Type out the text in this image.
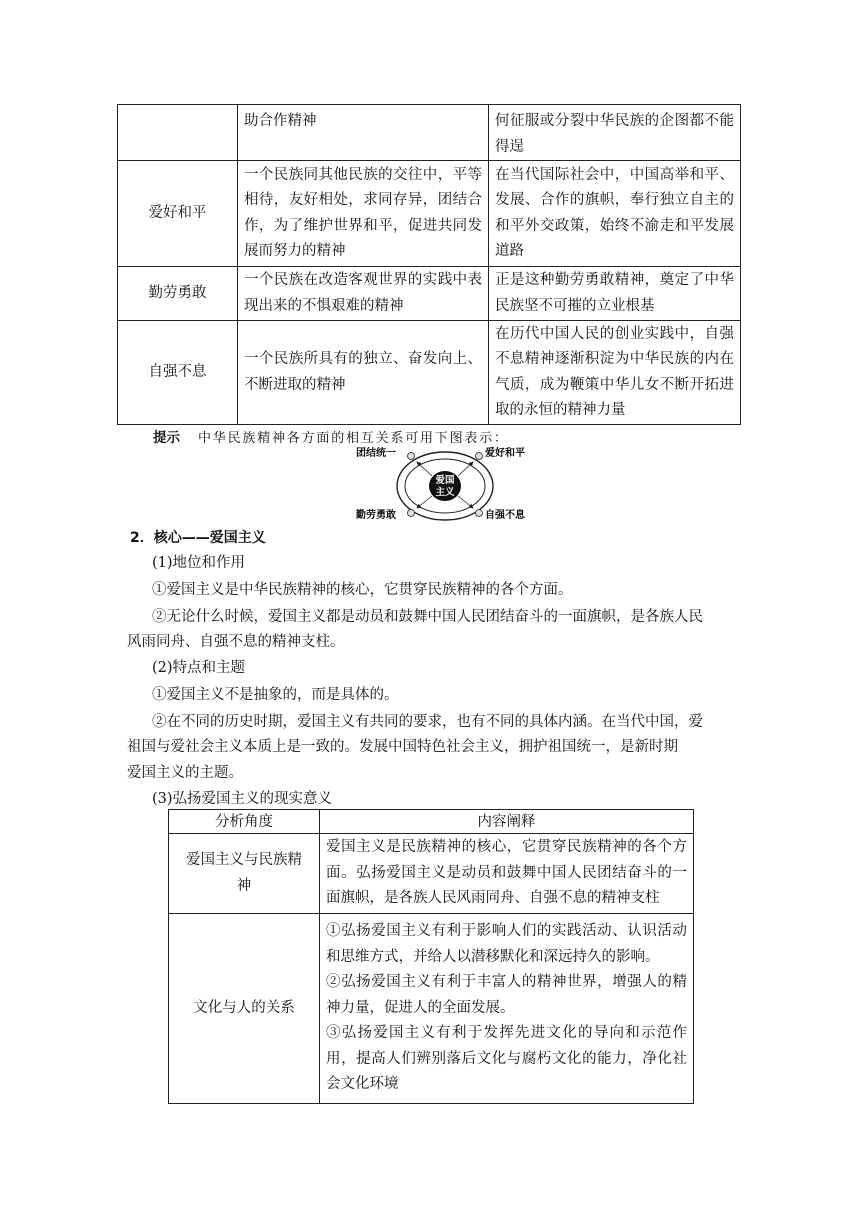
	助合作精神	何征服或分裂中华民族的企图都不能得逞
爱好和平	一个民族同其他民族的交往中，平等相待，友好相处，求同存异，团结合作，为了维护世界和平，促进共同发展而努力的精神	在当代国际社会中，中国高举和平、发展、合作的旗帜，奉行独立自主的和平外交政策，始终不渝走和平发展道路
勤劳勇敢	一个民族在改造客观世界的实践中表现出来的不惧艰难的精神	正是这种勤劳勇敢精神，奠定了中华民族坚不可摧的立业根基
自强不息	一个民族所具有的独立、奋发向上、不断进取的精神	在历代中国人民的创业实践中，自强不息精神逐渐积淀为中华民族的内在气质，成为鞭策中华儿女不断开拓进取的永恒的精神力量
提示 中华民族精神各方面的相互关系可用下图表示：
爱国
主义
团结统一	爱好和平
勤劳勇敢	自强不息
2．核心——爱国主义
(1)地位和作用
①爱国主义是中华民族精神的核心，它贯穿民族精神的各个方面。
②无论什么时候，爱国主义都是动员和鼓舞中国人民团结奋斗的一面旗帜，是各族人民
风雨同舟、自强不息的精神支柱。
(2)特点和主题
①爱国主义不是抽象的，而是具体的。
②在不同的历史时期，爱国主义有共同的要求，也有不同的具体内涵。在当代中国，爱
祖国与爱社会主义本质上是一致的。发展中国特色社会主义，拥护祖国统一，是新时期
爱国主义的主题。
(3)弘扬爱国主义的现实意义
分析角度	内容阐释
爱国主义与民族精神	爱国主义是民族精神的核心，它贯穿民族精神的各个方面。弘扬爱国主义是动员和鼓舞中国人民团结奋斗的一面旗帜，是各族人民风雨同舟、自强不息的精神支柱

文化与人的关系	①弘扬爱国主义有利于影响人们的实践活动、认识活动和思维方式，并给人以潜移默化和深远持久的影响。
②弘扬爱国主义有利于丰富人的精神世界，增强人的精神力量，促进人的全面发展。
③弘扬爱国主义有利于发挥先进文化的导向和示范作用，提高人们辨别落后文化与腐朽文化的能力，净化社会文化环境
